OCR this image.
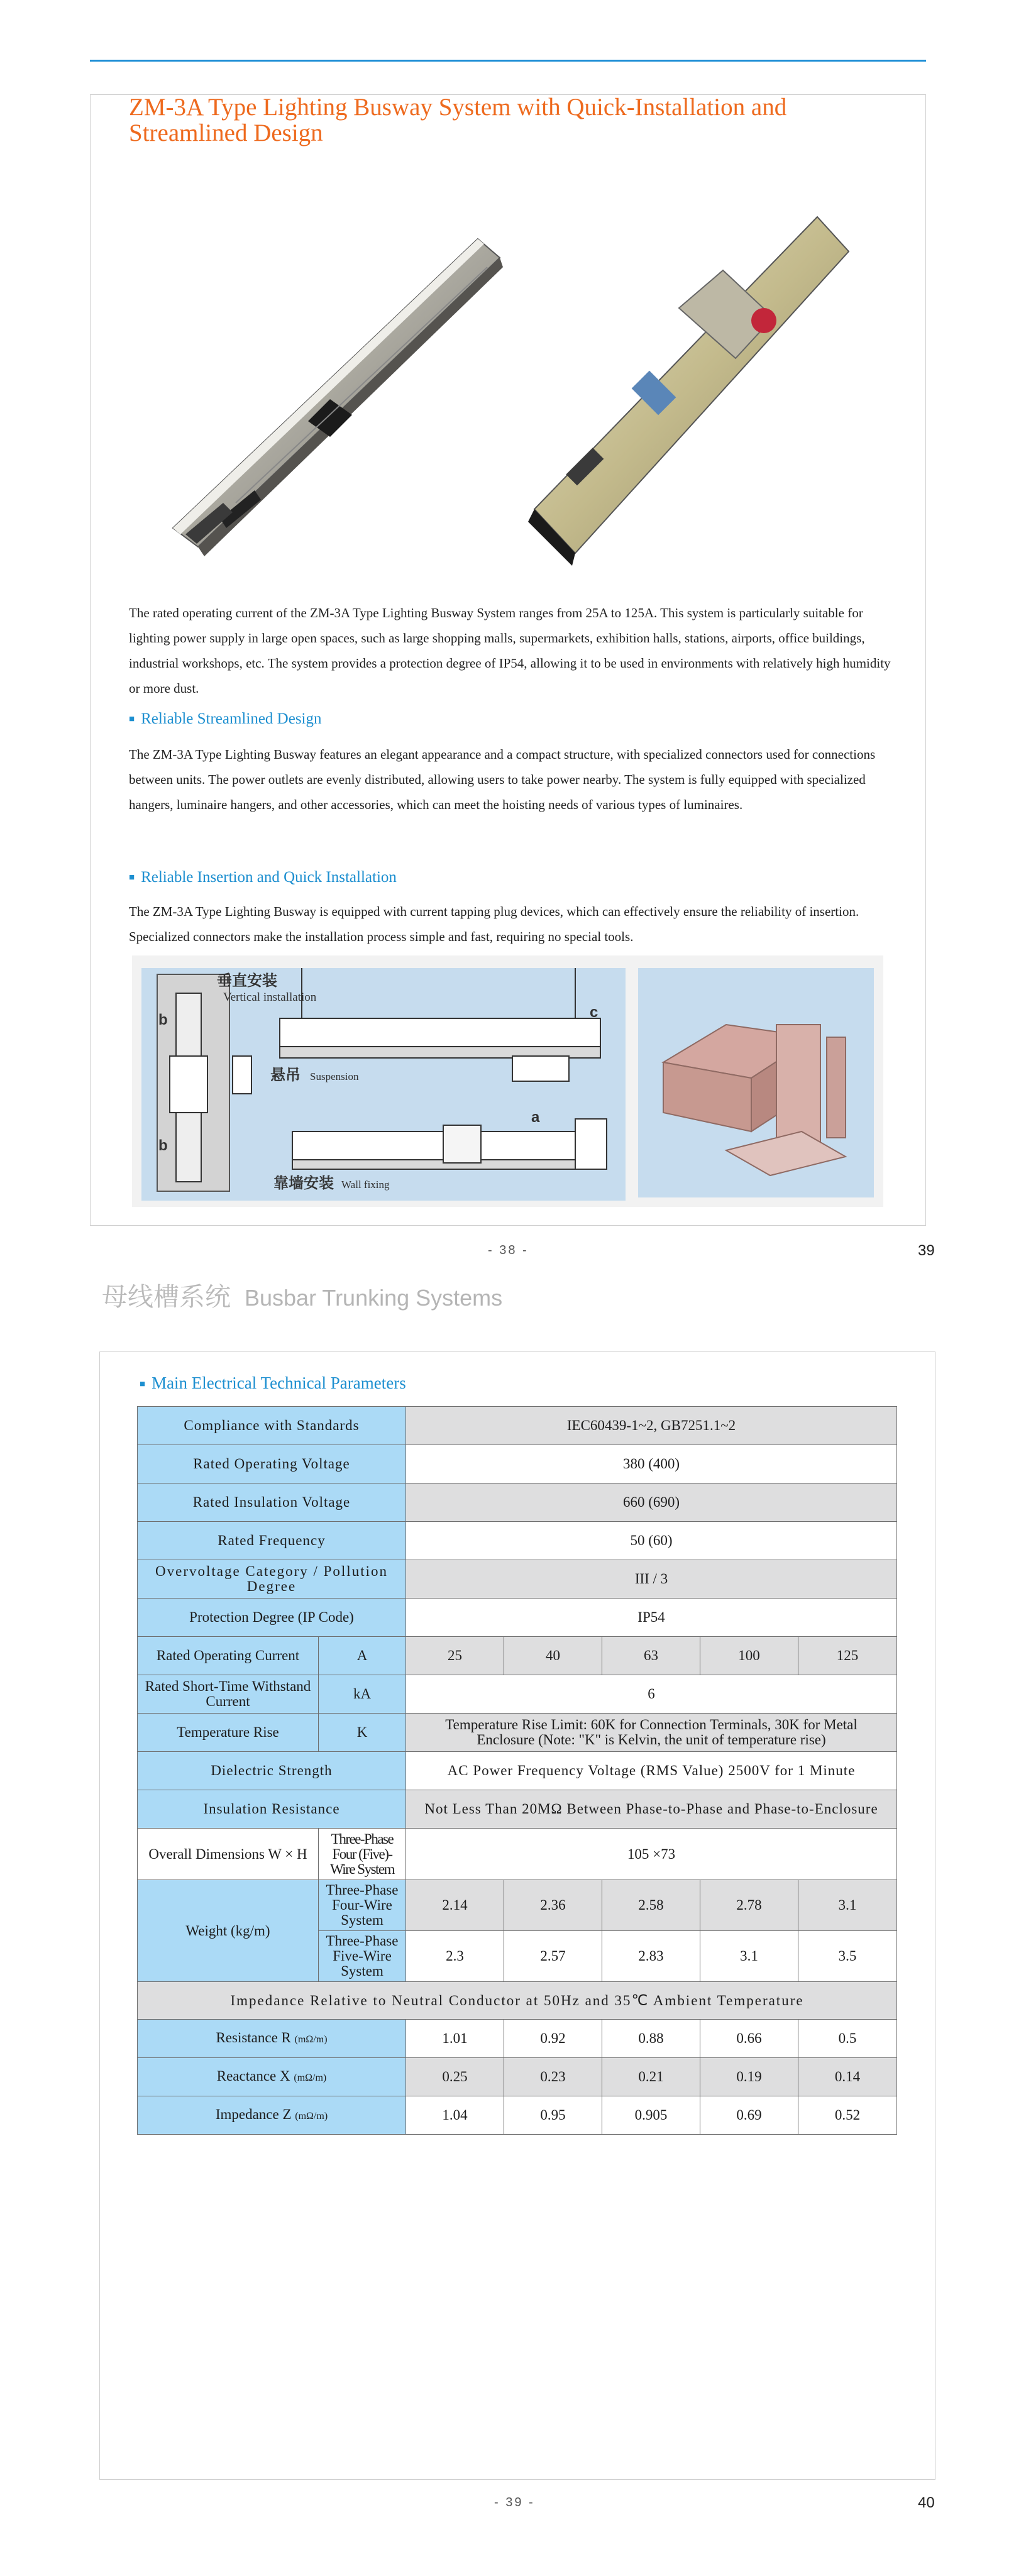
ZM-3A Type Lighting Busway System with Quick-Installation and Streamlined Design
The rated operating current of the ZM-3A Type Lighting Busway System ranges from 25A to 125A. This system is particularly suitable for lighting power supply in large open spaces, such as large shopping malls, supermarkets, exhibition halls, stations, airports, office buildings, industrial workshops, etc. The system provides a protection degree of IP54, allowing it to be used in environments with relatively high humidity or more dust.
■ Reliable Streamlined Design
The ZM-3A Type Lighting Busway features an elegant appearance and a compact structure, with specialized connectors used for connections between units. The power outlets are evenly distributed, allowing users to take power nearby. The system is fully equipped with specialized hangers, luminaire hangers, and other accessories, which can meet the hoisting needs of various types of luminaires.
■ Reliable Insertion and Quick Installation
The ZM-3A Type Lighting Busway is equipped with current tapping plug devices, which can effectively ensure the reliability of insertion. Specialized connectors make the installation process simple and fast, requiring no special tools.
垂直安装
Vertical installation
悬吊 Suspension
靠墙安装 Wall fixing
a
b
b
c
- 38 -	39
母线槽系统 Busbar Trunking Systems
■ Main Electrical Technical Parameters
Compliance with Standards		IEC60439-1~2, GB7251.1~2				
Rated Operating Voltage		380 (400)				
Rated Insulation Voltage		660 (690)				
Rated Frequency		50 (60)				
Overvoltage Category / Pollution Degree		III / 3				
Protection Degree (IP Code)		IP54				
Rated Operating Current	A	25	40	63	100	125
Rated Short-Time Withstand Current	kA	6				
Temperature Rise	K	Temperature Rise Limit: 60K for Connection Terminals, 30K for Metal Enclosure (Note: "K" is Kelvin, the unit of temperature rise)				
Dielectric Strength		AC Power Frequency Voltage (RMS Value) 2500V for 1 Minute				
Insulation Resistance		Not Less Than 20MΩ Between Phase-to-Phase and Phase-to-Enclosure				
Overall Dimensions W × H	Three-Phase Four (Five)-Wire System	105 ×73				
Weight (kg/m)	Three-Phase Four-Wire System	2.14	2.36	2.58	2.78	3.1
	Three-Phase Five-Wire System	2.3	2.57	2.83	3.1	3.5
Impedance Relative to Neutral Conductor at 50Hz and 35℃ Ambient Temperature						
Resistance R (mΩ/m)		1.01	0.92	0.88	0.66	0.5
Reactance X (mΩ/m)		0.25	0.23	0.21	0.19	0.14
Impedance Z (mΩ/m)		1.04	0.95	0.905	0.69	0.52
- 39 -	40
